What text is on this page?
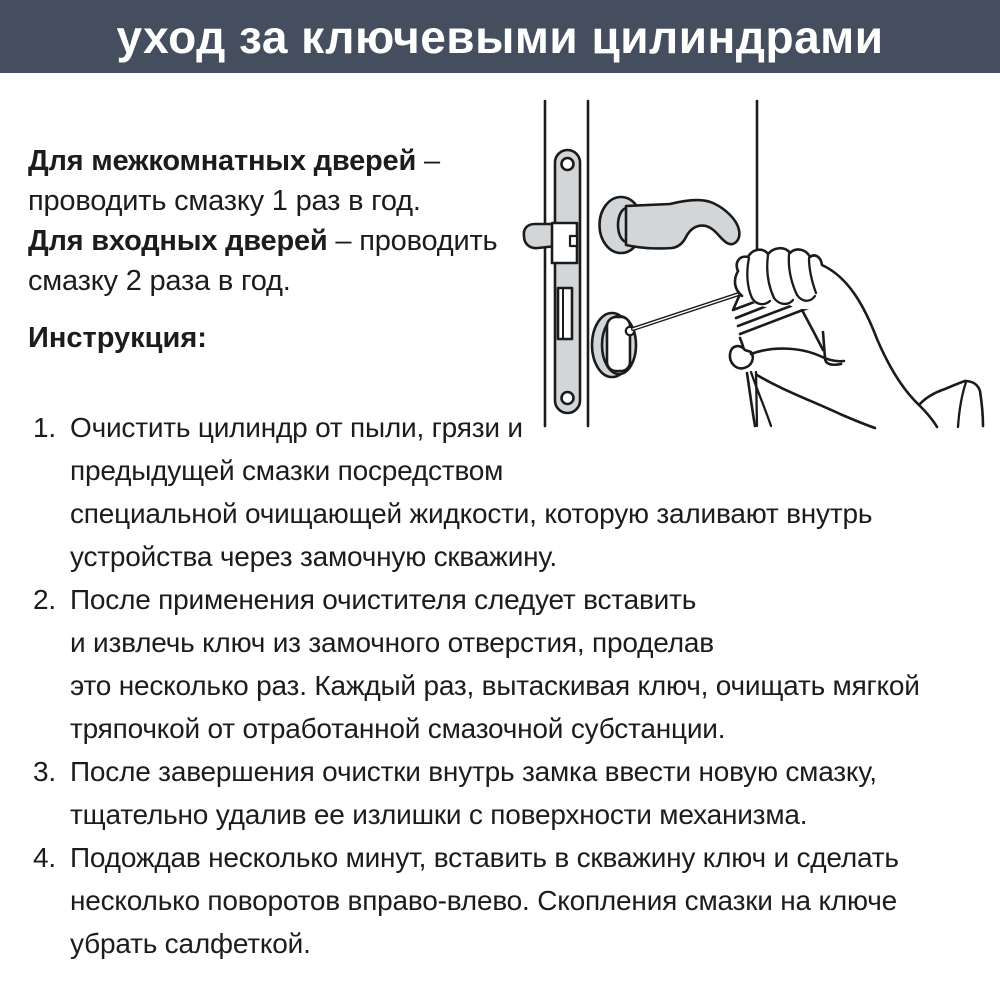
уход за ключевыми цилиндрами
Для межкомнатных дверей –
проводить смазку 1 раз в год.
Для входных дверей – проводить
смазку 2 раза в год.
Инструкция:
1. Очистить цилиндр от пыли, грязи и
предыдущей смазки посредством
специальной очищающей жидкости, которую заливают внутрь
устройства через замочную скважину.
2. После применения очистителя следует вставить
и извлечь ключ из замочного отверстия, проделав
это несколько раз. Каждый раз, вытаскивая ключ, очищать мягкой
тряпочкой от отработанной смазочной субстанции.
3. После завершения очистки внутрь замка ввести новую смазку,
тщательно удалив ее излишки с поверхности механизма.
4. Подождав несколько минут, вставить в скважину ключ и сделать
несколько поворотов вправо-влево. Скопления смазки на ключе
убрать салфеткой.
